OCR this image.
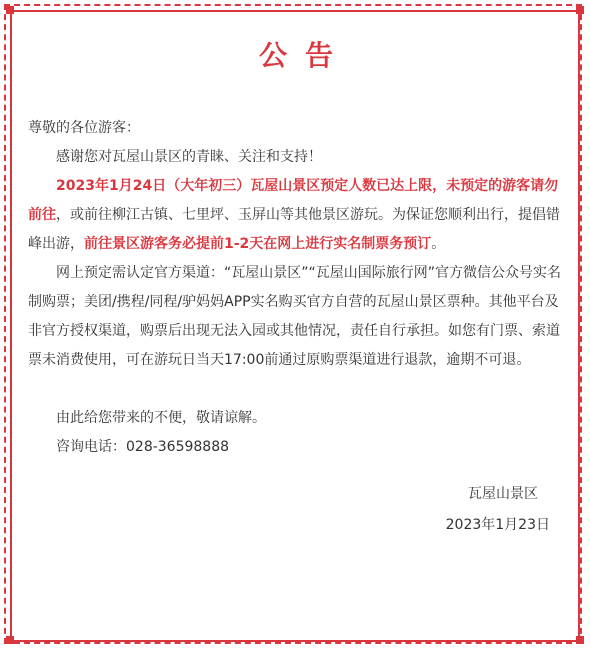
公告

尊敬的各位游客：

感谢您对瓦屋山景区的青睐、关注和支持！

2023年1月24日（大年初三）瓦屋山景区预定人数已达上限，未预定的游客请勿前往，或前往柳江古镇、七里坪、玉屏山等其他景区游玩。为保证您顺利出行，提倡错峰出游，前往景区游客务必提前1-2天在网上进行实名制票务预订。

网上预定需认定官方渠道：“瓦屋山景区”“瓦屋山国际旅行网”官方微信公众号实名制购票；美团/携程/同程/驴妈妈APP实名购买官方自营的瓦屋山景区票种。其他平台及非官方授权渠道，购票后出现无法入园或其他情况，责任自行承担。如您有门票、索道票未消费使用，可在游玩日当天17:00前通过原购票渠道进行退款，逾期不可退。

由此给您带来的不便，敬请谅解。

咨询电话：028-36598888

瓦屋山景区

2023年1月23日
